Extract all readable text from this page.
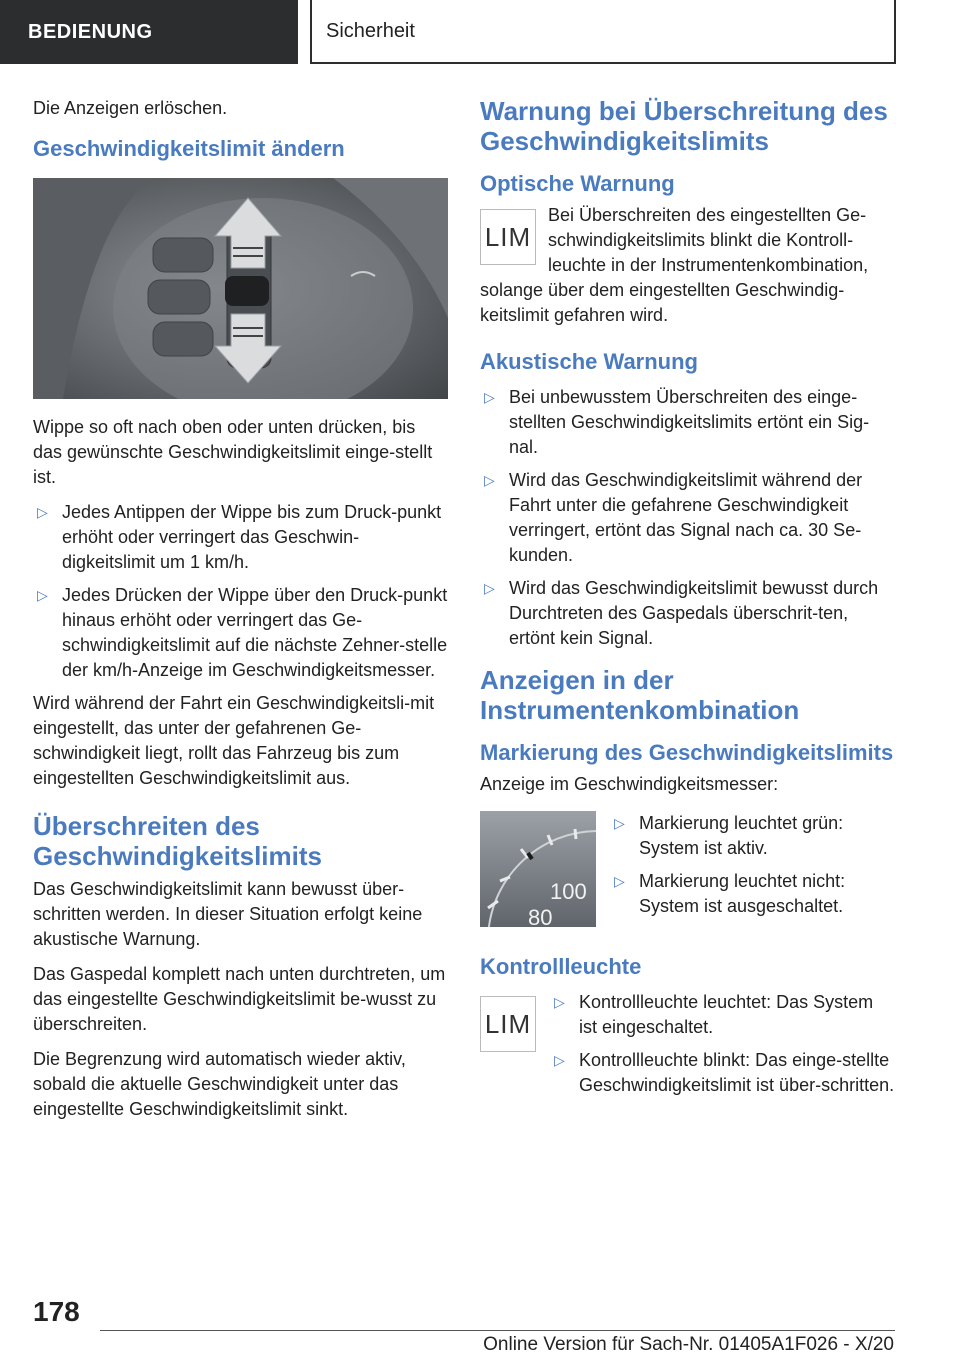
BEDIENUNG	Sicherheit

Die Anzeigen erlöschen.

Geschwindigkeitslimit ändern

Wippe so oft nach oben oder unten drücken, bis das gewünschte Geschwindigkeitslimit einge-stellt ist.

▷ Jedes Antippen der Wippe bis zum Druck-punkt erhöht oder verringert das Geschwin-digkeitslimit um 1 km/h.
▷ Jedes Drücken der Wippe über den Druck-punkt hinaus erhöht oder verringert das Ge-schwindigkeitslimit auf die nächste Zehner-stelle der km/h-Anzeige im Geschwindigkeitsmesser.

Wird während der Fahrt ein Geschwindigkeitsli-mit eingestellt, das unter der gefahrenen Ge-schwindigkeit liegt, rollt das Fahrzeug bis zum eingestellten Geschwindigkeitslimit aus.

Überschreiten des Geschwindigkeitslimits

Das Geschwindigkeitslimit kann bewusst über-schritten werden. In dieser Situation erfolgt keine akustische Warnung.

Das Gaspedal komplett nach unten durchtreten, um das eingestellte Geschwindigkeitslimit be-wusst zu überschreiten.

Die Begrenzung wird automatisch wieder aktiv, sobald die aktuelle Geschwindigkeit unter das eingestellte Geschwindigkeitslimit sinkt.

Warnung bei Überschreitung des Geschwindigkeitslimits
Optische Warnung

LIM
Bei Überschreiten des eingestellten Ge-schwindigkeitslimits blinkt die Kontroll-leuchte in der Instrumentenkombination, solange über dem eingestellten Geschwindig-keitslimit gefahren wird.

Akustische Warnung
▷ Bei unbewusstem Überschreiten des einge-stellten Geschwindigkeitslimits ertönt ein Sig-nal.
▷ Wird das Geschwindigkeitslimit während der Fahrt unter die gefahrene Geschwindigkeit verringert, ertönt das Signal nach ca. 30 Se-kunden.
▷ Wird das Geschwindigkeitslimit bewusst durch Durchtreten des Gaspedals überschrit-ten, ertönt kein Signal.
Anzeigen in der Instrumentenkombination
Markierung des Geschwindigkeitslimits

Anzeige im Geschwindigkeitsmesser:

100
80
▷ Markierung leuchtet grün: System ist aktiv.
▷ Markierung leuchtet nicht: System ist ausgeschaltet.
Kontrollleuchte
LIM
▷ Kontrollleuchte leuchtet: Das System ist eingeschaltet.
▷ Kontrollleuchte blinkt: Das einge-stellte Geschwindigkeitslimit ist über-schritten.
178
Online Version für Sach-Nr. 01405A1F026 - X/20
